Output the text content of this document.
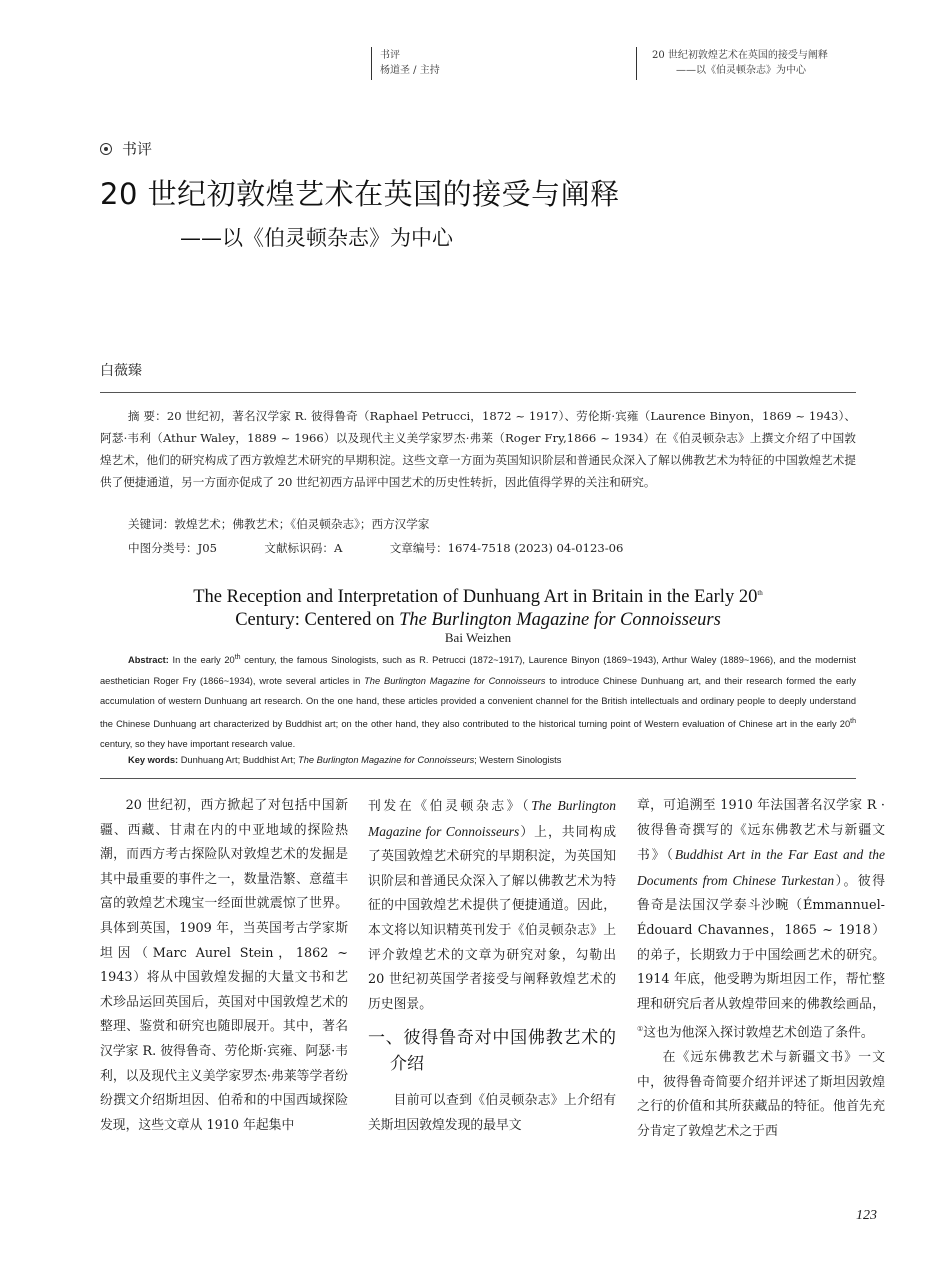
书评
杨道圣 / 主持
20 世纪初敦煌艺术在英国的接受与阐释
——以《伯灵顿杂志》为中心
书评
20 世纪初敦煌艺术在英国的接受与阐释
——以《伯灵顿杂志》为中心
白薇臻
摘 要：20 世纪初，著名汉学家 R. 彼得鲁奇（Raphael Petrucci，1872 ~ 1917）、劳伦斯·宾雍（Laurence Binyon，1869 ~ 1943）、阿瑟·韦利（Athur Waley，1889 ~ 1966）以及现代主义美学家罗杰·弗莱（Roger Fry,1866 ~ 1934）在《伯灵顿杂志》上撰文介绍了中国敦煌艺术，他们的研究构成了西方敦煌艺术研究的早期积淀。这些文章一方面为英国知识阶层和普通民众深入了解以佛教艺术为特征的中国敦煌艺术提供了便捷通道，另一方面亦促成了 20 世纪初西方品评中国艺术的历史性转折，因此值得学界的关注和研究。
关键词：敦煌艺术；佛教艺术；《伯灵顿杂志》；西方汉学家
中图分类号：J05	文献标识码：A	文章编号：1674-7518 (2023) 04-0123-06
The Reception and Interpretation of Dunhuang Art in Britain in the Early 20th
Century: Centered on The Burlington Magazine for Connoisseurs
Bai Weizhen
Abstract: In the early 20th century, the famous Sinologists, such as R. Petrucci (1872~1917), Laurence Binyon (1869~1943), Arthur Waley (1889~1966), and the modernist aesthetician Roger Fry (1866~1934), wrote several articles in The Burlington Magazine for Connoisseurs to introduce Chinese Dunhuang art, and their research formed the early accumulation of western Dunhuang art research. On the one hand, these articles provided a convenient channel for the British intellectuals and ordinary people to deeply understand the Chinese Dunhuang art characterized by Buddhist art; on the other hand, they also contributed to the historical turning point of Western evaluation of Chinese art in the early 20th century, so they have important research value.
Key words: Dunhuang Art; Buddhist Art; The Burlington Magazine for Connoisseurs; Western Sinologists

20 世纪初，西方掀起了对包括中国新疆、西藏、甘肃在内的中亚地域的探险热潮，而西方考古探险队对敦煌艺术的发掘是其中最重要的事件之一，数量浩繁、意蕴丰富的敦煌艺术瑰宝一经面世就震惊了世界。具体到英国，1909 年，当英国考古学家斯坦因（Marc Aurel Stein，1862 ~ 1943）将从中国敦煌发掘的大量文书和艺术珍品运回英国后，英国对中国敦煌艺术的整理、鉴赏和研究也随即展开。其中，著名汉学家 R. 彼得鲁奇、劳伦斯·宾雍、阿瑟·韦利，以及现代主义美学家罗杰·弗莱等学者纷纷撰文介绍斯坦因、伯希和的中国西域探险发现，这些文章从 1910 年起集中

刊发在《伯灵顿杂志》（The Burlington Magazine for Connoisseurs）上，共同构成了英国敦煌艺术研究的早期积淀，为英国知识阶层和普通民众深入了解以佛教艺术为特征的中国敦煌艺术提供了便捷通道。因此，本文将以知识精英刊发于《伯灵顿杂志》上评介敦煌艺术的文章为研究对象，勾勒出 20 世纪初英国学者接受与阐释敦煌艺术的历史图景。

一、彼得鲁奇对中国佛教艺术的介绍

目前可以查到《伯灵顿杂志》上介绍有关斯坦因敦煌发现的最早文

章，可追溯至 1910 年法国著名汉学家 R · 彼得鲁奇撰写的《远东佛教艺术与新疆文书》（Buddhist Art in the Far East and the Documents from Chinese Turkestan）。彼得鲁奇是法国汉学泰斗沙畹（Émmannuel-Édouard Chavannes，1865 ~ 1918）的弟子，长期致力于中国绘画艺术的研究。1914 年底，他受聘为斯坦因工作，帮忙整理和研究后者从敦煌带回来的佛教绘画品，①这也为他深入探讨敦煌艺术创造了条件。

在《远东佛教艺术与新疆文书》一文中，彼得鲁奇简要介绍并评述了斯坦因敦煌之行的价值和其所获藏品的特征。他首先充分肯定了敦煌艺术之于西

123
